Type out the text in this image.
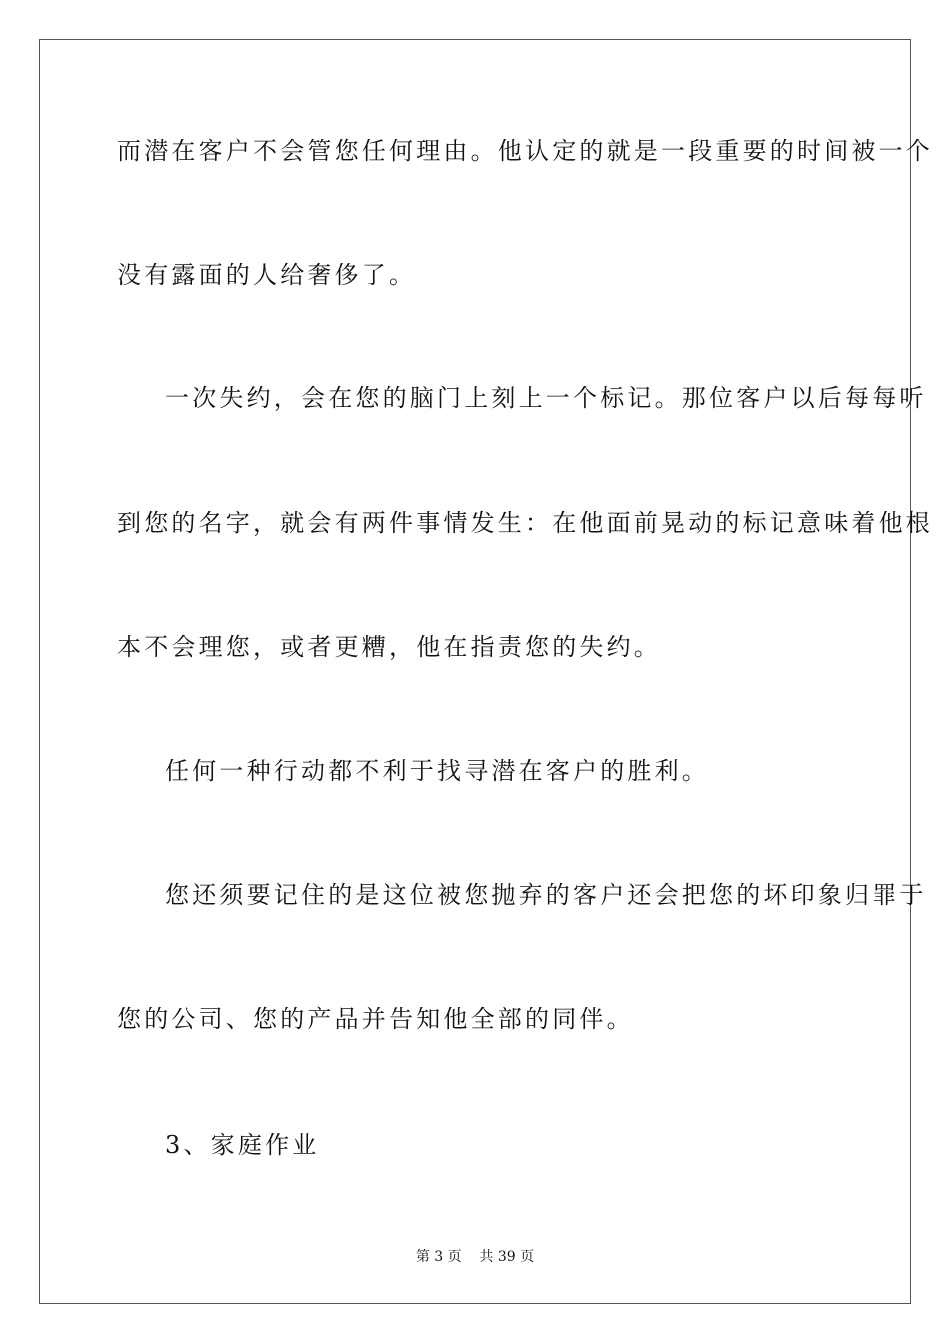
而潜在客户不会管您任何理由。他认定的就是一段重要的时间被一个
没有露面的人给奢侈了。
一次失约，会在您的脑门上刻上一个标记。那位客户以后每每听
到您的名字，就会有两件事情发生：在他面前晃动的标记意味着他根
本不会理您，或者更糟，他在指责您的失约。
任何一种行动都不利于找寻潜在客户的胜利。
您还须要记住的是这位被您抛弃的客户还会把您的坏印象归罪于
您的公司、您的产品并告知他全部的同伴。
3、家庭作业
第 3 页    共 39 页
